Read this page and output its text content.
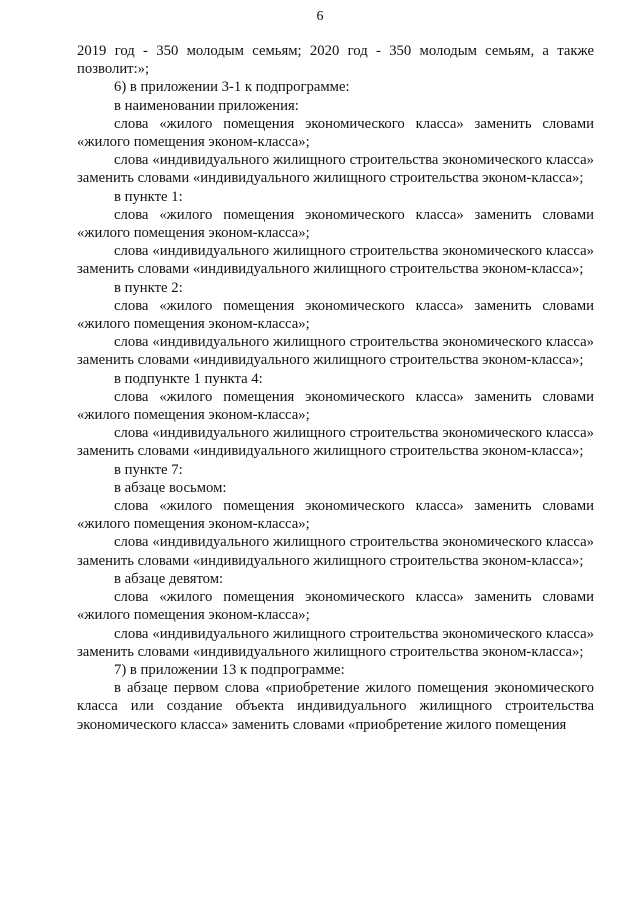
6

2019 год - 350 молодым семьям; 2020 год - 350 молодым семьям, а также позволит:»;

6) в приложении 3-1 к подпрограмме:

в наименовании приложения:

слова «жилого помещения экономического класса» заменить словами «жилого помещения эконом-класса»;

слова «индивидуального жилищного строительства экономического класса» заменить словами «индивидуального жилищного строительства эконом-класса»;

в пункте 1:

слова «жилого помещения экономического класса» заменить словами «жилого помещения эконом-класса»;

слова «индивидуального жилищного строительства экономического класса» заменить словами «индивидуального жилищного строительства эконом-класса»;

в пункте 2:

слова «жилого помещения экономического класса» заменить словами «жилого помещения эконом-класса»;

слова «индивидуального жилищного строительства экономического класса» заменить словами «индивидуального жилищного строительства эконом-класса»;

в подпункте 1 пункта 4:

слова «жилого помещения экономического класса» заменить словами «жилого помещения эконом-класса»;

слова «индивидуального жилищного строительства экономического класса» заменить словами «индивидуального жилищного строительства эконом-класса»;

в пункте 7:

в абзаце восьмом:

слова «жилого помещения экономического класса» заменить словами «жилого помещения эконом-класса»;

слова «индивидуального жилищного строительства экономического класса» заменить словами «индивидуального жилищного строительства эконом-класса»;

в абзаце девятом:

слова «жилого помещения экономического класса» заменить словами «жилого помещения эконом-класса»;

слова «индивидуального жилищного строительства экономического класса» заменить словами «индивидуального жилищного строительства эконом-класса»;

7) в приложении 13 к подпрограмме:

в абзаце первом слова «приобретение жилого помещения экономического класса или создание объекта индивидуального жилищного строительства экономического класса» заменить словами «приобретение жилого помещения
